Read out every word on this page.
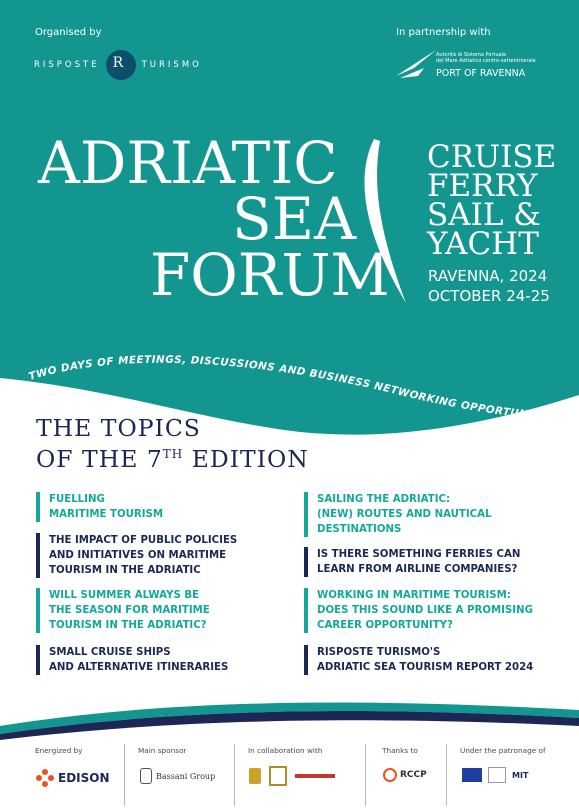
Organised by
RISPOSTE R TURISMO
In partnership with
Autorità di Sistema Portuale
del Mare Adriatico centro-settentrionale
PORT OF RAVENNA
ADRIATIC
SEA
FORUM
CRUISE
FERRY
SAIL &
YACHT
RAVENNA, 2024
OCTOBER 24-25
TWO DAYS OF MEETINGS, DISCUSSIONS AND BUSINESS NETWORKING OPPORTUNITIES
THE TOPICS
OF THE 7TH EDITION
FUELLING
MARITIME TOURISM
THE IMPACT OF PUBLIC POLICIES
AND INITIATIVES ON MARITIME
TOURISM IN THE ADRIATIC
WILL SUMMER ALWAYS BE
THE SEASON FOR MARITIME
TOURISM IN THE ADRIATIC?
SMALL CRUISE SHIPS
AND ALTERNATIVE ITINERARIES
SAILING THE ADRIATIC:
(NEW) ROUTES AND NAUTICAL
DESTINATIONS
IS THERE SOMETHING FERRIES CAN
LEARN FROM AIRLINE COMPANIES?
WORKING IN MARITIME TOURISM:
DOES THIS SOUND LIKE A PROMISING
CAREER OPPORTUNITY?
RISPOSTE TURISMO'S
ADRIATIC SEA TOURISM REPORT 2024
Energized by
EDISON
Main sponsor
Bassani Group
In collaboration with	Thanks to
RCCP
Under the patronage of
MIT
